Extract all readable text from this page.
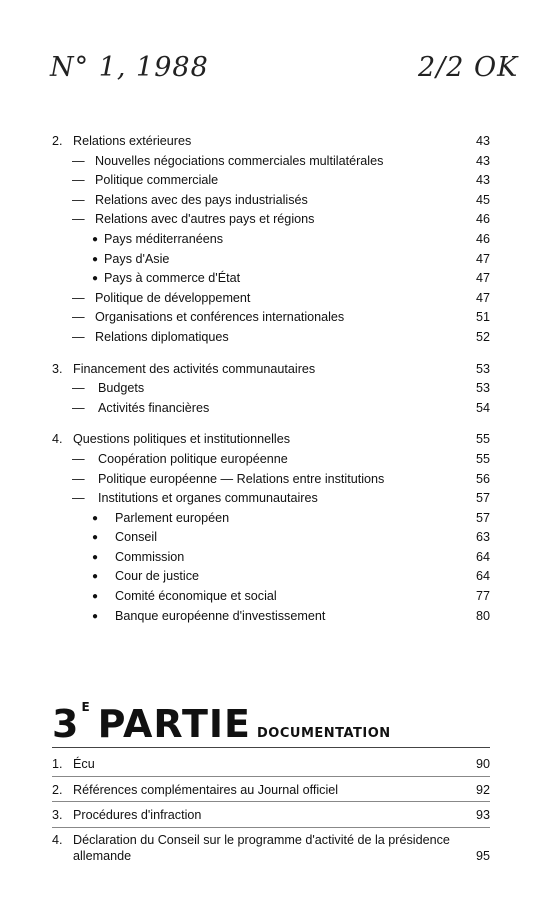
N° 1, 1988	2/2 OK
2. Relations extérieures	43
— Nouvelles négociations commerciales multilatérales	43
— Politique commerciale	43
— Relations avec des pays industrialisés	45
— Relations avec d'autres pays et régions	46
● Pays méditerranéens	46
● Pays d'Asie	47
● Pays à commerce d'État	47
— Politique de développement	47
— Organisations et conférences internationales	51
— Relations diplomatiques	52
3. Financement des activités communautaires	53
— Budgets	53
— Activités financières	54
4. Questions politiques et institutionnelles	55
— Coopération politique européenne	55
— Politique européenne — Relations entre institutions	56
— Institutions et organes communautaires	57
● Parlement européen	57
● Conseil	63
● Commission	64
● Cour de justice	64
● Comité économique et social	77
● Banque européenne d'investissement	80
3 $^E$ PARTIE DOCUMENTATION
1. Écu	90
2. Références complémentaires au Journal officiel	92
3. Procédures d'infraction	93
4. Déclaration du Conseil sur le programme d'activité de la présidence allemande	95
